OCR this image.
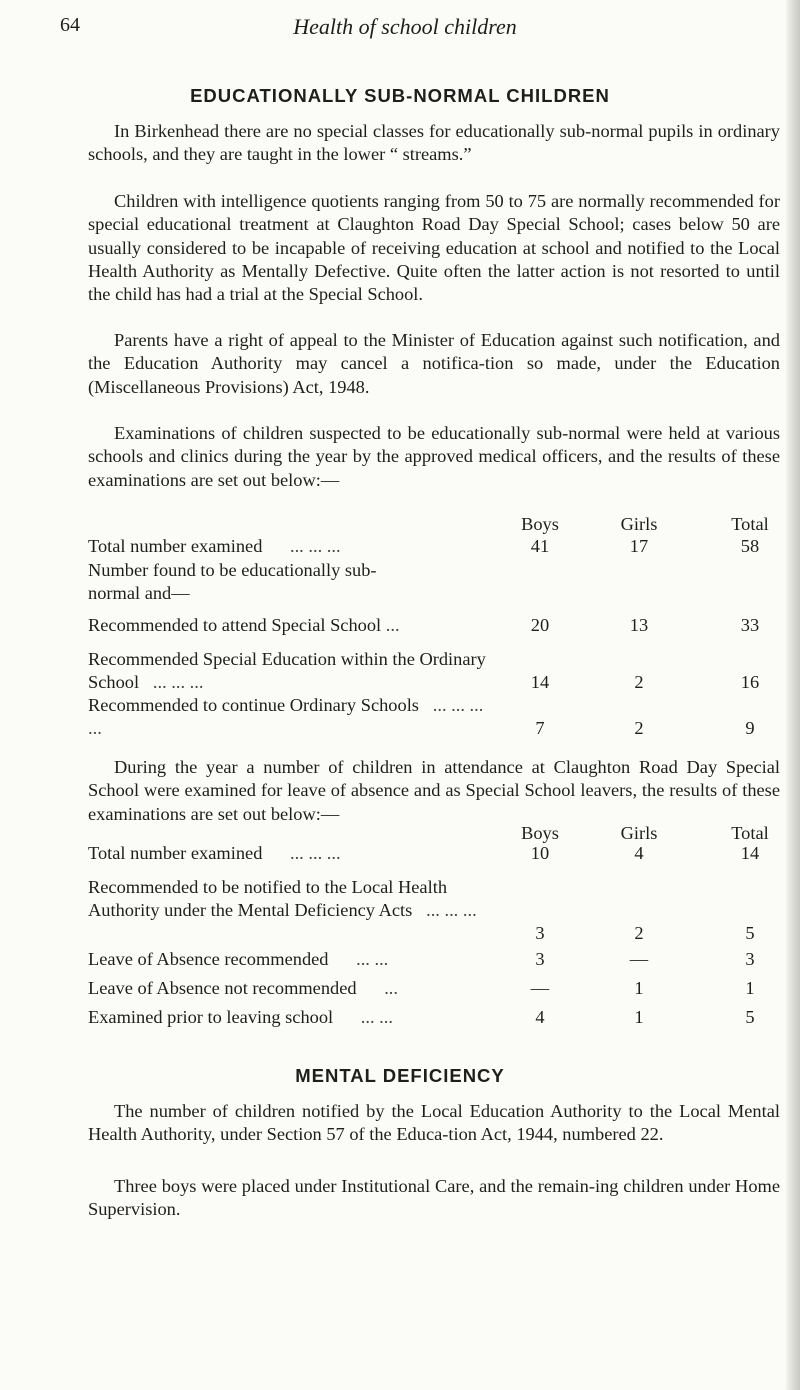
64	Health of school children
EDUCATIONALLY SUB-NORMAL CHILDREN

In Birkenhead there are no special classes for educationally sub-normal pupils in ordinary schools, and they are taught in the lower “ streams.”

Children with intelligence quotients ranging from 50 to 75 are normally recommended for special educational treatment at Claughton Road Day Special School; cases below 50 are usually considered to be incapable of receiving education at school and notified to the Local Health Authority as Mentally Defective. Quite often the latter action is not resorted to until the child has had a trial at the Special School.

Parents have a right of appeal to the Minister of Education against such notification, and the Education Authority may cancel a notifica-tion so made, under the Education (Miscellaneous Provisions) Act, 1948.

Examinations of children suspected to be educationally sub-normal were held at various schools and clinics during the year by the approved medical officers, and the results of these examinations are set out below:—

Boys	Girls	Total
Total number examined ... ... ...	41	17	58
Number found to be educationally sub-normal and—
Recommended to attend Special School ...	20	13	33
Recommended Special Education within the Ordinary School ... ... ...	14	2	16
Recommended to continue Ordinary Schools ... ... ... ...	7	2	9

During the year a number of children in attendance at Claughton Road Day Special School were examined for leave of absence and as Special School leavers, the results of these examinations are set out below:—

Boys	Girls	Total
Total number examined ... ... ...	10	4	14
Recommended to be notified to the Local Health Authority under the Mental Deficiency Acts ... ... ...
3	2	5
Leave of Absence recommended ... ...	3	—	3
Leave of Absence not recommended ...	—	1	1
Examined prior to leaving school ... ...	4	1	5
MENTAL DEFICIENCY

The number of children notified by the Local Education Authority to the Local Mental Health Authority, under Section 57 of the Educa-tion Act, 1944, numbered 22.

Three boys were placed under Institutional Care, and the remain-ing children under Home Supervision.
